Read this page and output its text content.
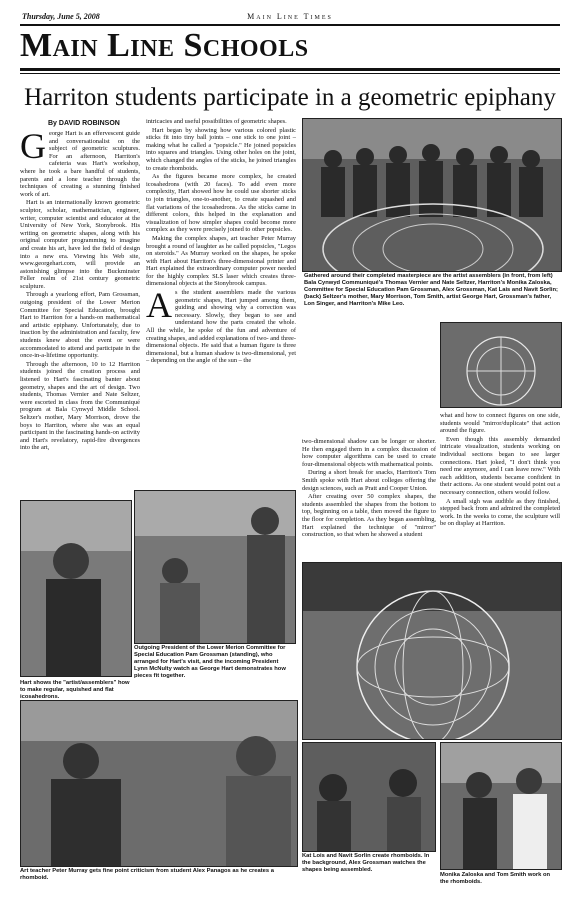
Thursday, June 5, 2008	Main Line Times
Main Line Schools
Harriton students participate in a geometric epiphany
By DAVID ROBINSON
G eorge Hart is an effervescent guide and conversationalist on the subject of geometric sculptures. For an afternoon, Harriton's cafeteria was Hart's workshop, where he took a bare handful of students, parents and a lone teacher through the techniques of creating a stunning finished work of art.

Hart is an internationally known geometric sculptor, scholar, mathematician, engineer, writer, computer scientist and educator at the University of New York, Stonybrook. His writing on geometric shapes, along with his original computer programming to imagine and create his art, have led the field of design into a new era. Viewing his Web site, www.georgehart.com, will provide an astonishing glimpse into the Buckminster Feller realm of 21st century geometric sculpture.

Through a yearlong effort, Pam Grossman, outgoing president of the Lower Merion Committee for Special Education, brought Hart to Harriton for a hands-on mathematical and artistic epiphany. Unfortunately, due to inaction by the administration and faculty, few students knew about the event or were accommodated to attend and participate in the once-in-a-lifetime opportunity.

Through the afternoon, 10 to 12 Harriton students joined the creation process and listened to Hart's fascinating banter about geometry, shapes and the art of design. Two students, Thomas Vernier and Nate Seltzer, were escorted in class from the Communiqué program at Bala Cynwyd Middle School. Seltzer's mother, Mary Morrison, drove the boys to Harriton, where she was an equal participant in the fascinating hands-on activity and Hart's revelatory, rapid-fire divergences into the art,

intricacies and useful possibilities of geometric shapes.

Hart began by showing how various colored plastic sticks fit into tiny ball joints – one stick to one joint – making what he called a "popsicle." He joined popsicles into squares and triangles. Using other holes on the joint, which changed the angles of the sticks, he joined triangles to create rhomboids.

As the figures became more complex, he created icosahedrons (with 20 faces). To add even more complexity, Hart showed how he could use shorter sticks to join triangles, one-to-another, to create squashed and flat variations of the icosahedrons. As the sticks came in different colors, this helped in the explanation and visualization of how simpler shapes could become more complex as they were precisely joined to other popsicles.

Making the complex shapes, art teacher Peter Murray brought a round of laughter as he called popsicles, "Legos on steroids." As Murray worked on the shapes, he spoke with Hart about Harriton's three-dimensional printer and Hart explained the extraordinary computer power needed for the highly complex SLS laser which creates three-dimensional objects at the Stonybrook campus.

As the student assemblers made the various geometric shapes, Hart jumped among them, guiding and showing why a correction was necessary. Slowly, they began to see and understand how the parts created the whole. All the while, he spoke of the fun and adventure of creating shapes, and added explanations of two- and three-dimensional objects. He said that a human figure is three dimensional, but a human shadow is two-dimensional, yet – depending on the angle of the sun – the

Gathered around their completed masterpiece are the artist assemblers (in front, from left) Bala Cynwyd Communiqué's Thomas Vernier and Nate Seltzer, Harriton's Monika Zaloska, Committee for Special Education Pam Grossman, Alex Grossman, Kat Lais and Navit Sorlin; (back) Seltzer's mother, Mary Morrison, Tom Smith, artist George Hart, Grossman's father, Lon Singer, and Harriton's Mike Leo.

two-dimensional shadow can be longer or shorter. He then engaged them in a complex discussion of how computer algorithms can be used to create four-dimensional objects with mathematical points.

During a short break for snacks, Harriton's Tom Smith spoke with Hart about colleges offering the design sciences, such as Pratt and Cooper Union.

After creating over 50 complex shapes, the students assembled the shapes from the bottom to top, beginning on a table, then moved the figure to the floor for completion. As they began assembling, Hart explained the technique of "mirror" construction, so that when he showed a student

what and how to connect figures on one side, students would "mirror/duplicate" that action around the figure.

Even though this assembly demanded intricate visualization, students working on individual sections began to see larger connections. Hart joked, "I don't think you need me anymore, and I can leave now." With each addition, students became confident in their actions. As one student would point out a necessary connection, others would follow.

A small sigh was audible as they finished, stepped back from and admired the completed work. In the weeks to come, the sculpture will be on display at Harriton.

Hart shows the "artist/assemblers" how to make regular, squished and flat icosahedrons.
Outgoing President of the Lower Merion Committee for Special Education Pam Grossman (standing), who arranged for Hart's visit, and the incoming President Lynn McNulty watch as George Hart demonstrates how pieces fit together.
Art teacher Peter Murray gets fine point criticism from student Alex Panagos as he creates a rhomboid.
Kat Lois and Navit Sorlin create rhomboids. In the background, Alex Grossman watches the shapes being assembled.
Monika Zaloska and Tom Smith work on the rhomboids.
